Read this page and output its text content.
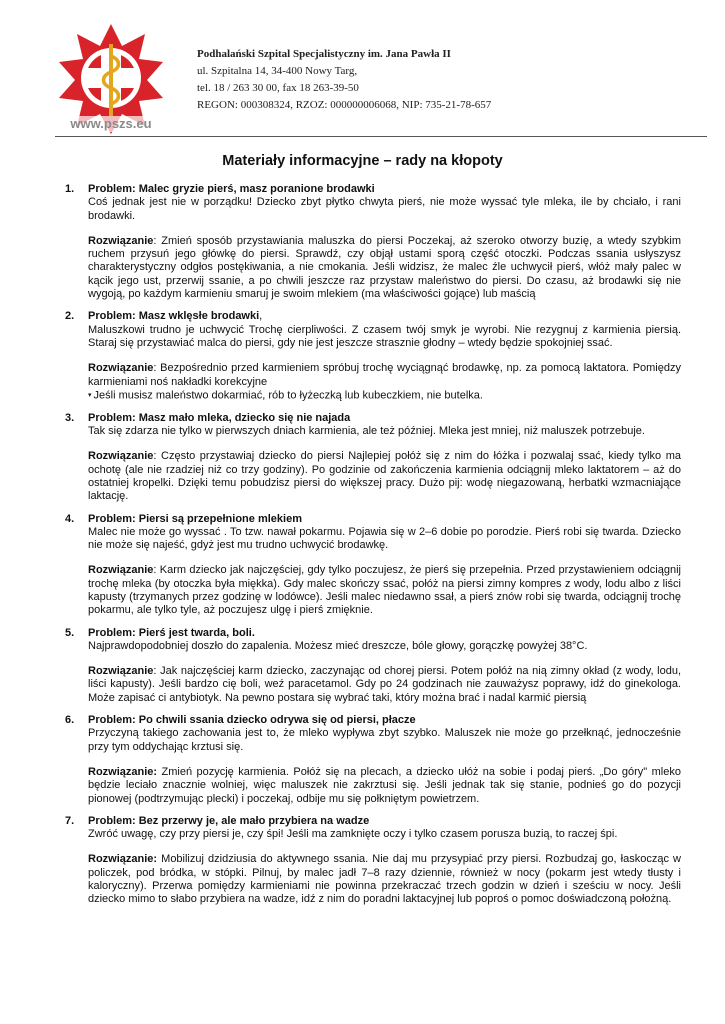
www.pszs.eu
Podhalański Szpital Specjalistyczny im. Jana Pawła II
ul. Szpitalna 14, 34-400 Nowy Targ,
tel. 18 / 263 30 00, fax 18 263-39-50
REGON: 000308324, RZOZ: 000000006068, NIP: 735-21-78-657
Materiały informacyjne – rady na kłopoty
1. Problem: Malec gryzie pierś, masz poranione brodawki

Coś jednak jest nie w porządku! Dziecko zbyt płytko chwyta pierś, nie może wyssać tyle mleka, ile by chciało, i rani brodawki.

Rozwiązanie: Zmień sposób przystawiania maluszka do piersi Poczekaj, aż szeroko otworzy buzię, a wtedy szybkim ruchem przysuń jego główkę do piersi. Sprawdź, czy objął ustami sporą część otoczki. Podczas ssania usłyszysz charakterystyczny odgłos postękiwania, a nie cmokania. Jeśli widzisz, że malec źle uchwycił pierś, włóż mały palec w kącik jego ust, przerwij ssanie, a po chwili jeszcze raz przystaw maleństwo do piersi. Do czasu, aż brodawki się nie wygoją, po każdym karmieniu smaruj je swoim mlekiem (ma właściwości gojące) lub maścią

2. Problem: Masz wklęsłe brodawki,

Maluszkowi trudno je uchwycić Trochę cierpliwości. Z czasem twój smyk je wyrobi. Nie rezygnuj z karmienia piersią. Staraj się przystawiać malca do piersi, gdy nie jest jeszcze strasznie głodny – wtedy będzie spokojniej ssać.

Rozwiązanie: Bezpośrednio przed karmieniem spróbuj trochę wyciągnąć brodawkę, np. za pomocą laktatora. Pomiędzy karmieniami noś nakładki korekcyjne

▾ Jeśli musisz maleństwo dokarmiać, rób to łyżeczką lub kubeczkiem, nie butelka.

3. Problem: Masz mało mleka, dziecko się nie najada

Tak się zdarza nie tylko w pierwszych dniach karmienia, ale też później. Mleka jest mniej, niż maluszek potrzebuje.

Rozwiązanie: Często przystawiaj dziecko do piersi Najlepiej połóż się z nim do łóżka i pozwalaj ssać, kiedy tylko ma ochotę (ale nie rzadziej niż co trzy godziny). Po godzinie od zakończenia karmienia odciągnij mleko laktatorem – aż do ostatniej kropelki. Dzięki temu pobudzisz piersi do większej pracy. Dużo pij: wodę niegazowaną, herbatki wzmacniające laktację.

4. Problem: Piersi są przepełnione mlekiem

Malec nie może go wyssać . To tzw. nawał pokarmu. Pojawia się w 2–6 dobie po porodzie. Pierś robi się twarda. Dziecko nie może się najeść, gdyż jest mu trudno uchwycić brodawkę.

Rozwiązanie: Karm dziecko jak najczęściej, gdy tylko poczujesz, że pierś się przepełnia. Przed przystawieniem odciągnij trochę mleka (by otoczka była miękka). Gdy malec skończy ssać, połóż na piersi zimny kompres z wody, lodu albo z liści kapusty (trzymanych przez godzinę w lodówce). Jeśli malec niedawno ssał, a pierś znów robi się twarda, odciągnij trochę pokarmu, ale tylko tyle, aż poczujesz ulgę i pierś zmięknie.

5. Problem: Pierś jest twarda, boli.

Najprawdopodobniej doszło do zapalenia. Możesz mieć dreszcze, bóle głowy, gorączkę powyżej 38°C.

Rozwiązanie: Jak najczęściej karm dziecko, zaczynając od chorej piersi. Potem połóż na nią zimny okład (z wody, lodu, liści kapusty). Jeśli bardzo cię boli, weź paracetamol. Gdy po 24 godzinach nie zauważysz poprawy, idź do ginekologa. Może zapisać ci antybiotyk. Na pewno postara się wybrać taki, który można brać i nadal karmić piersią

6. Problem: Po chwili ssania dziecko odrywa się od piersi, płacze

Przyczyną takiego zachowania jest to, że mleko wypływa zbyt szybko. Maluszek nie może go przełknąć, jednocześnie przy tym oddychając krztusi się.

Rozwiązanie: Zmień pozycję karmienia. Połóż się na plecach, a dziecko ułóż na sobie i podaj pierś. „Do góry" mleko będzie leciało znacznie wolniej, więc maluszek nie zakrztusi się. Jeśli jednak tak się stanie, podnieś go do pozycji pionowej (podtrzymując plecki) i poczekaj, odbije mu się połkniętym powietrzem.

7. Problem: Bez przerwy je, ale mało przybiera na wadze

Zwróć uwagę, czy przy piersi je, czy śpi! Jeśli ma zamknięte oczy i tylko czasem porusza buzią, to raczej śpi.

Rozwiązanie: Mobilizuj dzidziusia do aktywnego ssania. Nie daj mu przysypiać przy piersi. Rozbudzaj go, łaskocząc w policzek, pod bródka, w stópki. Pilnuj, by malec jadł 7–8 razy dziennie, również w nocy (pokarm jest wtedy tłusty i kaloryczny). Przerwa pomiędzy karmieniami nie powinna przekraczać trzech godzin w dzień i sześciu w nocy. Jeśli dziecko mimo to słabo przybiera na wadze, idź z nim do poradni laktacyjnej lub poproś o pomoc doświadczoną położną.
